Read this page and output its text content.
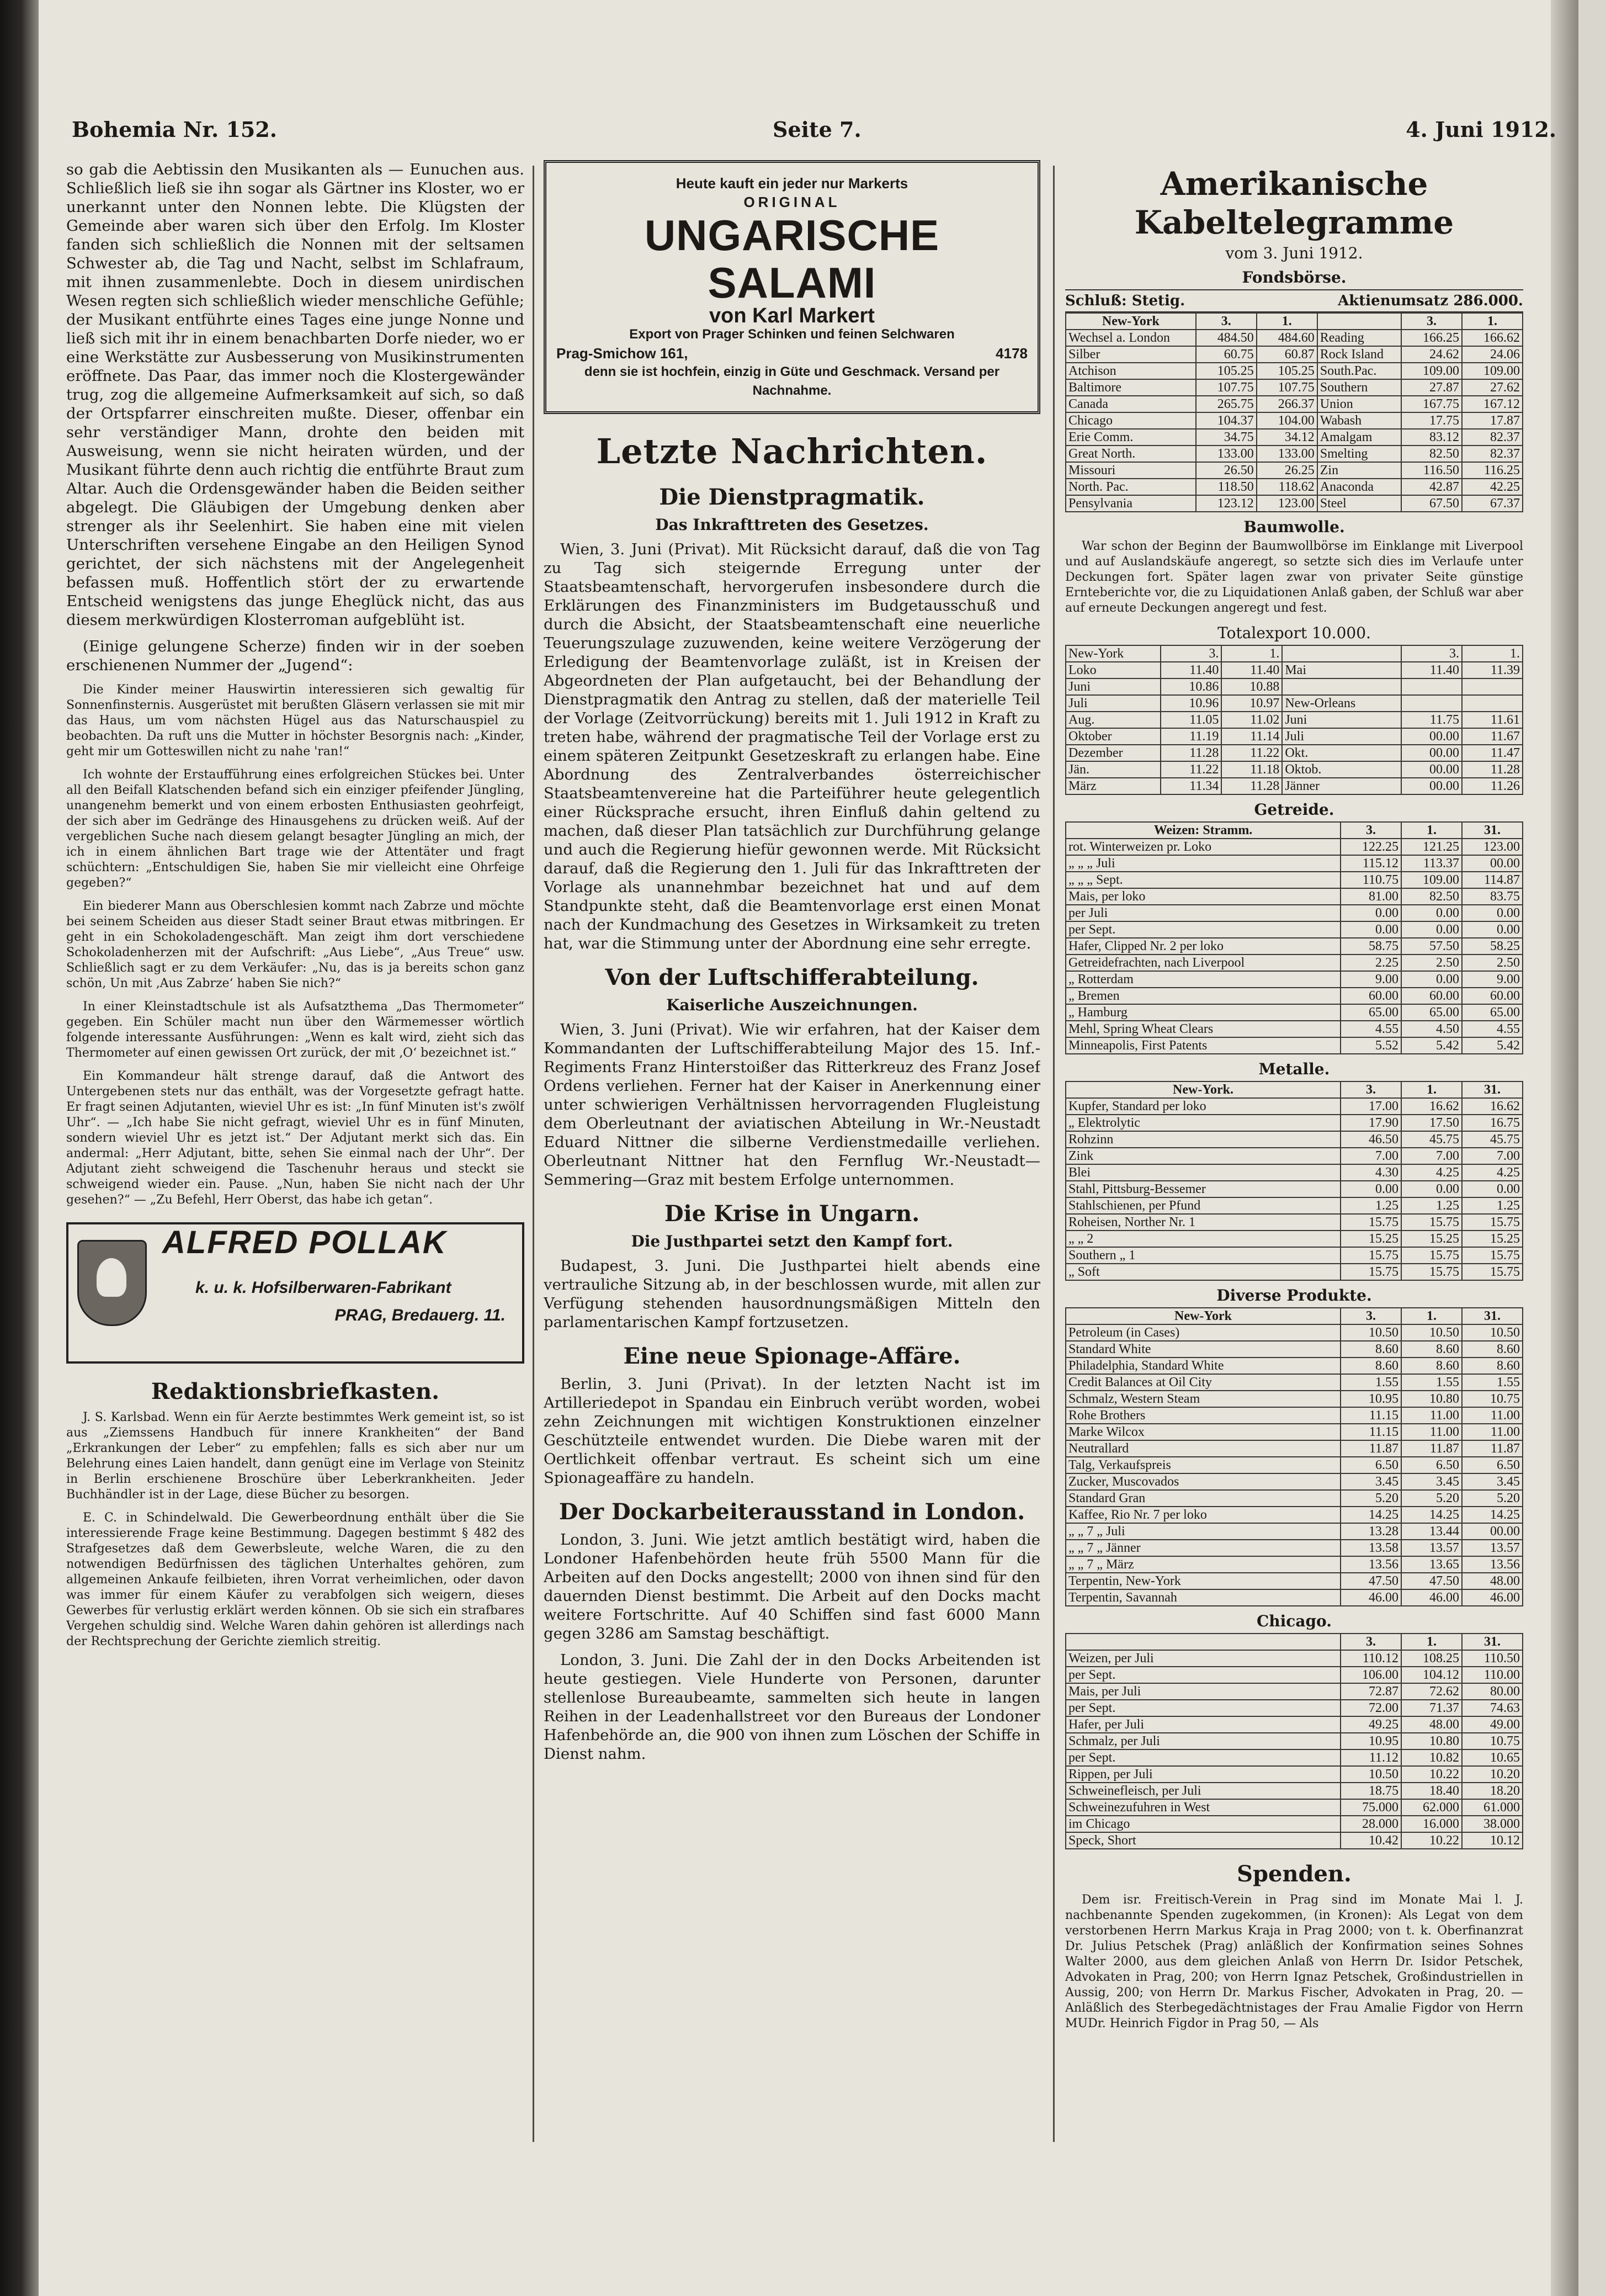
Bohemia Nr. 152.	Seite 7.	4. Juni 1912.

so gab die Aebtissin den Musikanten als — Eunuchen aus. Schließlich ließ sie ihn sogar als Gärtner ins Kloster, wo er unerkannt unter den Nonnen lebte. Die Klügsten der Gemeinde aber waren sich über den Erfolg. Im Kloster fanden sich schließlich die Nonnen mit der seltsamen Schwester ab, die Tag und Nacht, selbst im Schlafraum, mit ihnen zusammenlebte. Doch in diesem unirdischen Wesen regten sich schließlich wieder menschliche Gefühle; der Musikant entführte eines Tages eine junge Nonne und ließ sich mit ihr in einem benachbarten Dorfe nieder, wo er eine Werkstätte zur Ausbesserung von Musikinstrumenten eröffnete. Das Paar, das immer noch die Klostergewänder trug, zog die allgemeine Aufmerksamkeit auf sich, so daß der Ortspfarrer einschreiten mußte. Dieser, offenbar ein sehr verständiger Mann, drohte den beiden mit Ausweisung, wenn sie nicht heiraten würden, und der Musikant führte denn auch richtig die entführte Braut zum Altar. Auch die Ordensgewänder haben die Beiden seither abgelegt. Die Gläubigen der Umgebung denken aber strenger als ihr Seelenhirt. Sie haben eine mit vielen Unterschriften versehene Eingabe an den Heiligen Synod gerichtet, der sich nächstens mit der Angelegenheit befassen muß. Hoffentlich stört der zu erwartende Entscheid wenigstens das junge Eheglück nicht, das aus diesem merkwürdigen Klosterroman aufgeblüht ist.

(Einige gelungene Scherze) finden wir in der soeben erschienenen Nummer der „Jugend“:

Die Kinder meiner Hauswirtin interessieren sich gewaltig für Sonnenfinsternis. Ausgerüstet mit berußten Gläsern verlassen sie mit mir das Haus, um vom nächsten Hügel aus das Naturschauspiel zu beobachten. Da ruft uns die Mutter in höchster Besorgnis nach: „Kinder, geht mir um Gotteswillen nicht zu nahe 'ran!“

Ich wohnte der Erstaufführung eines erfolgreichen Stückes bei. Unter all den Beifall Klatschenden befand sich ein einziger pfeifender Jüngling, unangenehm bemerkt und von einem erbosten Enthusiasten geohrfeigt, der sich aber im Gedränge des Hinausgehens zu drücken weiß. Auf der vergeblichen Suche nach diesem gelangt besagter Jüngling an mich, der ich in einem ähnlichen Bart trage wie der Attentäter und fragt schüchtern: „Entschuldigen Sie, haben Sie mir vielleicht eine Ohrfeige gegeben?“

Ein biederer Mann aus Oberschlesien kommt nach Zabrze und möchte bei seinem Scheiden aus dieser Stadt seiner Braut etwas mitbringen. Er geht in ein Schokoladengeschäft. Man zeigt ihm dort verschiedene Schokoladenherzen mit der Aufschrift: „Aus Liebe“, „Aus Treue“ usw. Schließlich sagt er zu dem Verkäufer: „Nu, das is ja bereits schon ganz schön, Un mit ‚Aus Zabrze‘ haben Sie nich?“

In einer Kleinstadtschule ist als Aufsatzthema „Das Thermometer“ gegeben. Ein Schüler macht nun über den Wärmemesser wörtlich folgende interessante Ausführungen: „Wenn es kalt wird, zieht sich das Thermometer auf einen gewissen Ort zurück, der mit ‚O‘ bezeichnet ist.“

Ein Kommandeur hält strenge darauf, daß die Antwort des Untergebenen stets nur das enthält, was der Vorgesetzte gefragt hatte. Er fragt seinen Adjutanten, wieviel Uhr es ist: „In fünf Minuten ist's zwölf Uhr“. — „Ich habe Sie nicht gefragt, wieviel Uhr es in fünf Minuten, sondern wieviel Uhr es jetzt ist.“ Der Adjutant merkt sich das. Ein andermal: „Herr Adjutant, bitte, sehen Sie einmal nach der Uhr“. Der Adjutant zieht schweigend die Taschenuhr heraus und steckt sie schweigend wieder ein. Pause. „Nun, haben Sie nicht nach der Uhr gesehen?“ — „Zu Befehl, Herr Oberst, das habe ich getan“.

ALFRED POLLAK
k. u. k. Hofsilberwaren-Fabrikant
PRAG, Bredauerg. 11.
Redaktionsbriefkasten.

J. S. Karlsbad. Wenn ein für Aerzte bestimmtes Werk gemeint ist, so ist aus „Ziemssens Handbuch für innere Krankheiten“ der Band „Erkrankungen der Leber“ zu empfehlen; falls es sich aber nur um Belehrung eines Laien handelt, dann genügt eine im Verlage von Steinitz in Berlin erschienene Broschüre über Leberkrankheiten. Jeder Buchhändler ist in der Lage, diese Bücher zu besorgen.

E. C. in Schindelwald. Die Gewerbeordnung enthält über die Sie interessierende Frage keine Bestimmung. Dagegen bestimmt § 482 des Strafgesetzes daß dem Gewerbsleute, welche Waren, die zu den notwendigen Bedürfnissen des täglichen Unterhaltes gehören, zum allgemeinen Ankaufe feilbieten, ihren Vorrat verheimlichen, oder davon was immer für einem Käufer zu verabfolgen sich weigern, dieses Gewerbes für verlustig erklärt werden können. Ob sie sich ein strafbares Vergehen schuldig sind. Welche Waren dahin gehören ist allerdings nach der Rechtsprechung der Gerichte ziemlich streitig.

Heute kauft ein jeder nur Markerts
ORIGINAL
UNGARISCHE SALAMI
von Karl Markert
Export von Prager Schinken und feinen Selchwaren
Prag-Smichow 161,	4178
denn sie ist hochfein, einzig in Güte und Geschmack. Versand per Nachnahme.
Letzte Nachrichten.
Die Dienstpragmatik.
Das Inkrafttreten des Gesetzes.

Wien, 3. Juni (Privat). Mit Rücksicht darauf, daß die von Tag zu Tag sich steigernde Erregung unter der Staatsbeamtenschaft, hervorgerufen insbesondere durch die Erklärungen des Finanzministers im Budgetausschuß und durch die Absicht, der Staatsbeamtenschaft eine neuerliche Teuerungszulage zuzuwenden, keine weitere Verzögerung der Erledigung der Beamtenvorlage zuläßt, ist in Kreisen der Abgeordneten der Plan aufgetaucht, bei der Behandlung der Dienstpragmatik den Antrag zu stellen, daß der materielle Teil der Vorlage (Zeitvorrückung) bereits mit 1. Juli 1912 in Kraft zu treten habe, während der pragmatische Teil der Vorlage erst zu einem späteren Zeitpunkt Gesetzeskraft zu erlangen habe. Eine Abordnung des Zentralverbandes österreichischer Staatsbeamtenvereine hat die Parteiführer heute gelegentlich einer Rücksprache ersucht, ihren Einfluß dahin geltend zu machen, daß dieser Plan tatsächlich zur Durchführung gelange und auch die Regierung hiefür gewonnen werde. Mit Rücksicht darauf, daß die Regierung den 1. Juli für das Inkrafttreten der Vorlage als unannehmbar bezeichnet hat und auf dem Standpunkte steht, daß die Beamtenvorlage erst einen Monat nach der Kundmachung des Gesetzes in Wirksamkeit zu treten hat, war die Stimmung unter der Abordnung eine sehr erregte.

Von der Luftschifferabteilung.
Kaiserliche Auszeichnungen.

Wien, 3. Juni (Privat). Wie wir erfahren, hat der Kaiser dem Kommandanten der Luftschifferabteilung Major des 15. Inf.-Regiments Franz Hinterstoißer das Ritterkreuz des Franz Josef Ordens verliehen. Ferner hat der Kaiser in Anerkennung einer unter schwierigen Verhältnissen hervorragenden Flugleistung dem Oberleutnant der aviatischen Abteilung in Wr.-Neustadt Eduard Nittner die silberne Verdienstmedaille verliehen. Oberleutnant Nittner hat den Fernflug Wr.-Neustadt—Semmering—Graz mit bestem Erfolge unternommen.

Die Krise in Ungarn.
Die Justhpartei setzt den Kampf fort.

Budapest, 3. Juni. Die Justhpartei hielt abends eine vertrauliche Sitzung ab, in der beschlossen wurde, mit allen zur Verfügung stehenden hausordnungsmäßigen Mitteln den parlamentarischen Kampf fortzusetzen.

Eine neue Spionage-Affäre.

Berlin, 3. Juni (Privat). In der letzten Nacht ist im Artilleriedepot in Spandau ein Einbruch verübt worden, wobei zehn Zeichnungen mit wichtigen Konstruktionen einzelner Geschützteile entwendet wurden. Die Diebe waren mit der Oertlichkeit offenbar vertraut. Es scheint sich um eine Spionageaffäre zu handeln.

Der Dockarbeiterausstand in London.

London, 3. Juni. Wie jetzt amtlich bestätigt wird, haben die Londoner Hafenbehörden heute früh 5500 Mann für die Arbeiten auf den Docks angestellt; 2000 von ihnen sind für den dauernden Dienst bestimmt. Die Arbeit auf den Docks macht weitere Fortschritte. Auf 40 Schiffen sind fast 6000 Mann gegen 3286 am Samstag beschäftigt.

London, 3. Juni. Die Zahl der in den Docks Arbeitenden ist heute gestiegen. Viele Hunderte von Personen, darunter stellenlose Bureaubeamte, sammelten sich heute in langen Reihen in der Leadenhallstreet vor den Bureaus der Londoner Hafenbehörde an, die 900 von ihnen zum Löschen der Schiffe in Dienst nahm.

Amerikanische Kabeltelegramme
vom 3. Juni 1912.
Fondsbörse.
Schluß: Stetig.	Aktienumsatz 286.000.
New-York	3.	1.		3.	1.
Wechsel a. London	484.50	484.60	Reading	166.25	166.62
Silber	60.75	60.87	Rock Island	24.62	24.06
Atchison	105.25	105.25	South.Pac.	109.00	109.00
Baltimore	107.75	107.75	Southern	27.87	27.62
Canada	265.75	266.37	Union	167.75	167.12
Chicago	104.37	104.00	Wabash	17.75	17.87
Erie Comm.	34.75	34.12	Amalgam	83.12	82.37
Great North.	133.00	133.00	Smelting	82.50	82.37
Missouri	26.50	26.25	Zin	116.50	116.25
North. Pac.	118.50	118.62	Anaconda	42.87	42.25
Pensylvania	123.12	123.00	Steel	67.50	67.37
Baumwolle.

War schon der Beginn der Baumwollbörse im Einklange mit Liverpool und auf Auslandskäufe angeregt, so setzte sich dies im Verlaufe unter Deckungen fort. Später lagen zwar von privater Seite günstige Ernteberichte vor, die zu Liquidationen Anlaß gaben, der Schluß war aber auf erneute Deckungen angeregt und fest.

Totalexport 10.000.
New-York	3.	1.		3.	1.
Loko	11.40	11.40	Mai	11.40	11.39
Juni	10.86	10.88			
Juli	10.96	10.97	New-Orleans		
Aug.	11.05	11.02	Juni	11.75	11.61
Oktober	11.19	11.14	Juli	00.00	11.67
Dezember	11.28	11.22	Okt.	00.00	11.47
Jän.	11.22	11.18	Oktob.	00.00	11.28
März	11.34	11.28	Jänner	00.00	11.26
Getreide.
Weizen: Stramm.	3.	1.	31.
rot. Winterweizen pr. Loko	122.25	121.25	123.00
„ „ „ Juli	115.12	113.37	00.00
„ „ „ Sept.	110.75	109.00	114.87
Mais, per loko	81.00	82.50	83.75
per Juli	0.00	0.00	0.00
per Sept.	0.00	0.00	0.00
Hafer, Clipped Nr. 2 per loko	58.75	57.50	58.25
Getreidefrachten, nach Liverpool	2.25	2.50	2.50
„ Rotterdam	9.00	0.00	9.00
„ Bremen	60.00	60.00	60.00
„ Hamburg	65.00	65.00	65.00
Mehl, Spring Wheat Clears	4.55	4.50	4.55
Minneapolis, First Patents	5.52	5.42	5.42
Metalle.
New-York.	3.	1.	31.
Kupfer, Standard per loko	17.00	16.62	16.62
„ Elektrolytic	17.90	17.50	16.75
Rohzinn	46.50	45.75	45.75
Zink	7.00	7.00	7.00
Blei	4.30	4.25	4.25
Stahl, Pittsburg-Bessemer	0.00	0.00	0.00
Stahlschienen, per Pfund	1.25	1.25	1.25
Roheisen, Norther Nr. 1	15.75	15.75	15.75
„ „ 2	15.25	15.25	15.25
Southern „ 1	15.75	15.75	15.75
„ Soft	15.75	15.75	15.75
Diverse Produkte.
New-York	3.	1.	31.
Petroleum (in Cases)	10.50	10.50	10.50
Standard White	8.60	8.60	8.60
Philadelphia, Standard White	8.60	8.60	8.60
Credit Balances at Oil City	1.55	1.55	1.55
Schmalz, Western Steam	10.95	10.80	10.75
Rohe Brothers	11.15	11.00	11.00
Marke Wilcox	11.15	11.00	11.00
Neutrallard	11.87	11.87	11.87
Talg, Verkaufspreis	6.50	6.50	6.50
Zucker, Muscovados	3.45	3.45	3.45
Standard Gran	5.20	5.20	5.20
Kaffee, Rio Nr. 7 per loko	14.25	14.25	14.25
„ „ 7 „ Juli	13.28	13.44	00.00
„ „ 7 „ Jänner	13.58	13.57	13.57
„ „ 7 „ März	13.56	13.65	13.56
Terpentin, New-York	47.50	47.50	48.00
Terpentin, Savannah	46.00	46.00	46.00
Chicago.
	3.	1.	31.
Weizen, per Juli	110.12	108.25	110.50
per Sept.	106.00	104.12	110.00
Mais, per Juli	72.87	72.62	80.00
per Sept.	72.00	71.37	74.63
Hafer, per Juli	49.25	48.00	49.00
Schmalz, per Juli	10.95	10.80	10.75
per Sept.	11.12	10.82	10.65
Rippen, per Juli	10.50	10.22	10.20
Schweinefleisch, per Juli	18.75	18.40	18.20
Schweinezufuhren in West	75.000	62.000	61.000
im Chicago	28.000	16.000	38.000
Speck, Short	10.42	10.22	10.12
Spenden.

Dem isr. Freitisch-Verein in Prag sind im Monate Mai l. J. nachbenannte Spenden zugekommen, (in Kronen): Als Legat von dem verstorbenen Herrn Markus Kraja in Prag 2000; von t. k. Oberfinanzrat Dr. Julius Petschek (Prag) anläßlich der Konfirmation seines Sohnes Walter 2000, aus dem gleichen Anlaß von Herrn Dr. Isidor Petschek, Advokaten in Prag, 200; von Herrn Ignaz Petschek, Großindustriellen in Aussig, 200; von Herrn Dr. Markus Fischer, Advokaten in Prag, 20. — Anläßlich des Sterbegedächtnistages der Frau Amalie Figdor von Herrn MUDr. Heinrich Figdor in Prag 50, — Als
